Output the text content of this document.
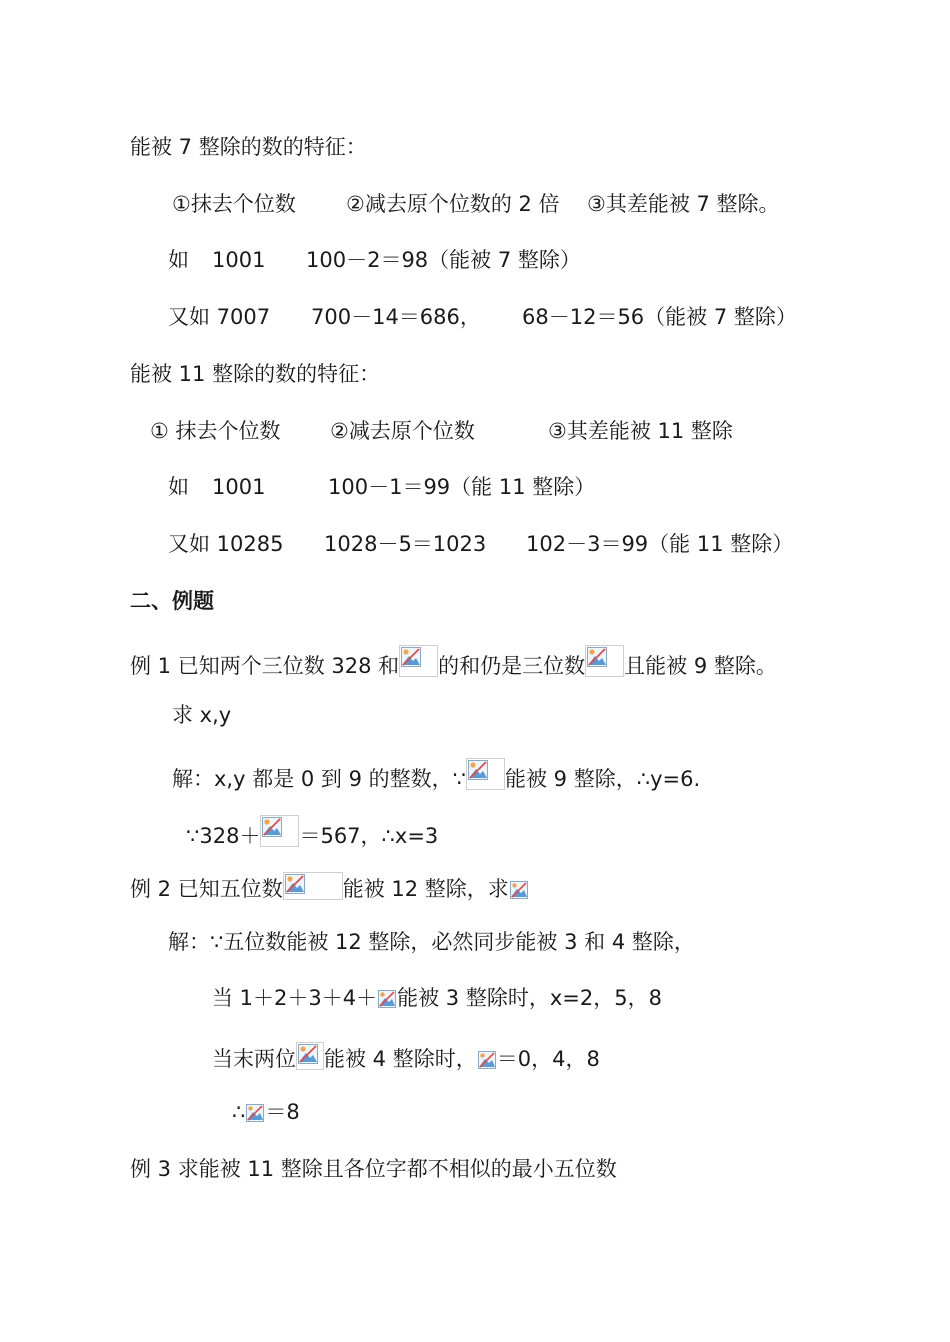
能被 7 整除的数的特征：
①抹去个位数 ②减去原个位数的 2 倍 ③其差能被 7 整除。
如 1001 100－2＝98（能被 7 整除）
又如 7007 700－14＝686， 68－12＝56（能被 7 整除）
能被 11 整除的数的特征：
① 抹去个位数 ②减去原个位数	③其差能被 11 整除
如 1001	100－1＝99（能 11 整除）
又如 10285 1028－5＝1023 102－3＝99（能 11 整除）
二、例题
例 1 已知两个三位数 328 和 的和仍是三位数 且能被 9 整除。
求 x,y
解：x,y 都是 0 到 9 的整数，∵ 能被 9 整除，∴y=6.
∵328＋ ＝567，∴x=3
例 2 已知五位数	能被 12 整除，求
解：∵五位数能被 12 整除，必然同步能被 3 和 4 整除，
当 1＋2＋3＋4＋ 能被 3 整除时，x=2，5，8
当末两位 能被 4 整除时， ＝0，4，8
∴ ＝8
例 3 求能被 11 整除且各位字都不相似的最小五位数
